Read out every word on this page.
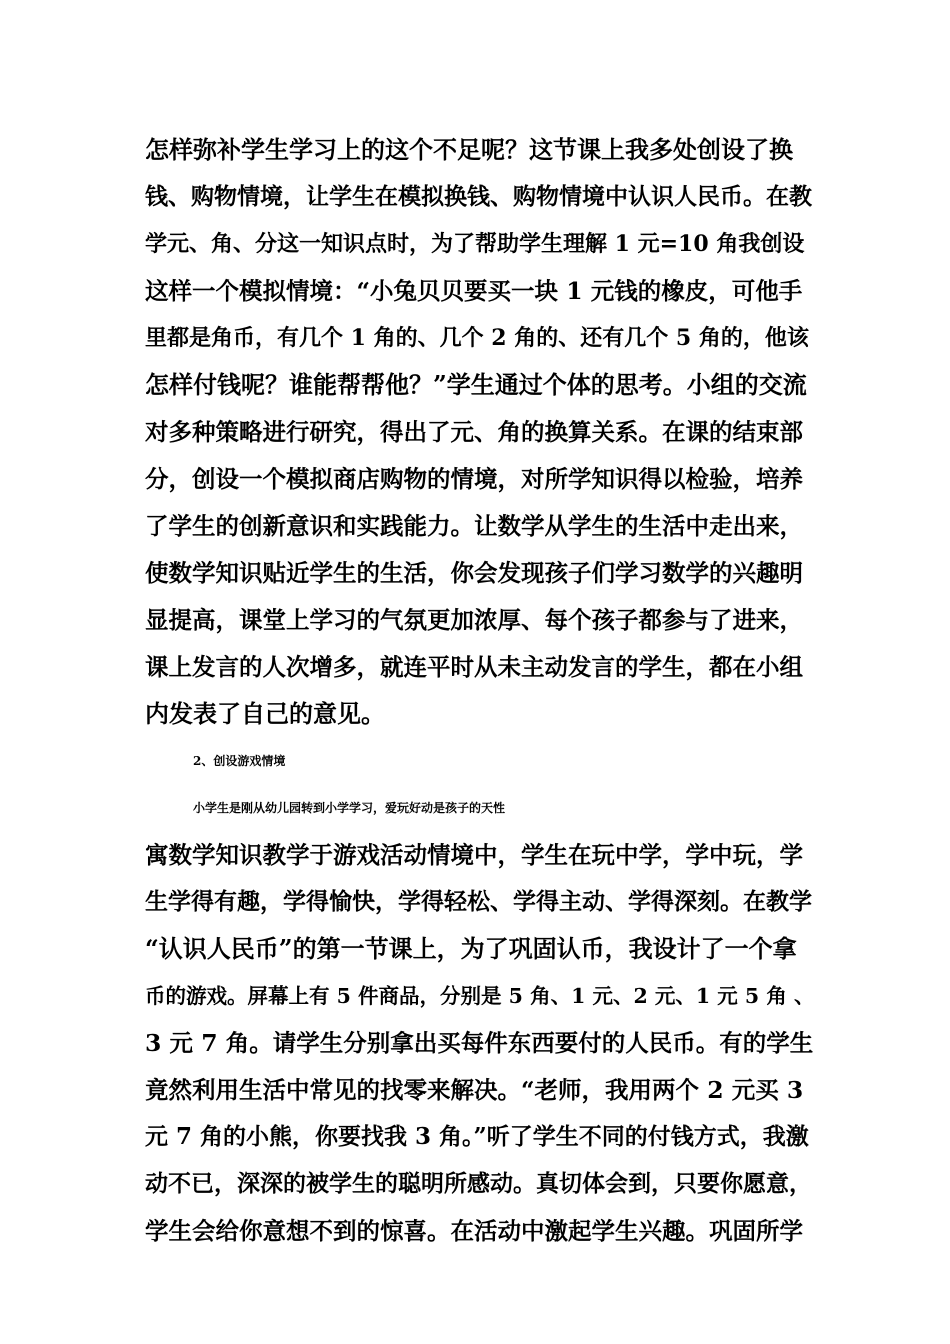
怎样弥补学生学习上的这个不足呢？这节课上我多处创设了换
钱、购物情境，让学生在模拟换钱、购物情境中认识人民币。在教
学元、角、分这一知识点时，为了帮助学生理解 1 元=10 角我创设
这样一个模拟情境：“小兔贝贝要买一块 1 元钱的橡皮，可他手
里都是角币，有几个 1 角的、几个 2 角的、还有几个 5 角的，他该
怎样付钱呢？谁能帮帮他？”学生通过个体的思考。小组的交流
对多种策略进行研究，得出了元、角的换算关系。在课的结束部
分，创设一个模拟商店购物的情境，对所学知识得以检验，培养
了学生的创新意识和实践能力。让数学从学生的生活中走出来，
使数学知识贴近学生的生活，你会发现孩子们学习数学的兴趣明
显提高，课堂上学习的气氛更加浓厚、每个孩子都参与了进来，
课上发言的人次增多，就连平时从未主动发言的学生，都在小组
内发表了自己的意见。
2、创设游戏情境
小学生是刚从幼儿园转到小学学习，爱玩好动是孩子的天性
寓数学知识教学于游戏活动情境中，学生在玩中学，学中玩，学
生学得有趣，学得愉快，学得轻松、学得主动、学得深刻。在教学
“认识人民币”的第一节课上，为了巩固认币，我设计了一个拿
币的游戏。屏幕上有 5 件商品，分别是 5 角、1 元、2 元、1 元 5 角 、
3 元 7 角。请学生分别拿出买每件东西要付的人民币。有的学生
竟然利用生活中常见的找零来解决。“老师，我用两个 2 元买 3
元 7 角的小熊，你要找我 3 角。”听了学生不同的付钱方式，我激
动不已，深深的被学生的聪明所感动。真切体会到，只要你愿意，
学生会给你意想不到的惊喜。在活动中激起学生兴趣。巩固所学
